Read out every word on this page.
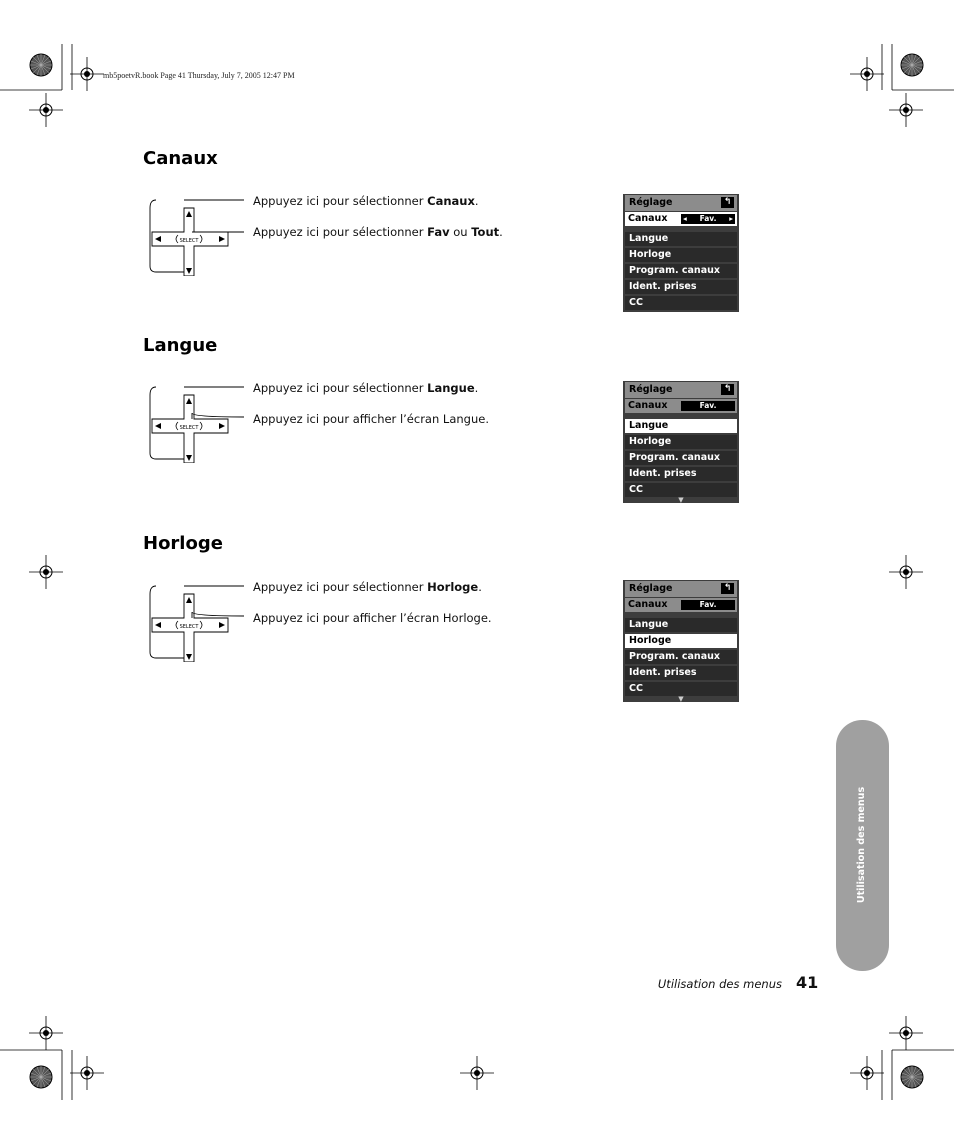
mb5poetvR.book Page 41 Thursday, July 7, 2005 12:47 PM
Canaux
SELECT
Appuyez ici pour sélectionner Canaux.
Appuyez ici pour sélectionner Fav ou Tout.
Réglage	↰
Canaux ◂ Fav. ▸
Langue
Horloge
Program. canaux
Ident. prises
CC
Langue
SELECT
Appuyez ici pour sélectionner Langue.
Appuyez ici pour afficher l’écran Langue.
Réglage	↰
Canaux	Fav.
Langue
Horloge
Program. canaux
Ident. prises
CC
▼
Horloge
SELECT
Appuyez ici pour sélectionner Horloge.
Appuyez ici pour afficher l’écran Horloge.
Réglage	↰
Canaux	Fav.
Langue
Horloge
Program. canaux
Ident. prises
CC
▼
Utilisation des menus
Utilisation des menus 41
